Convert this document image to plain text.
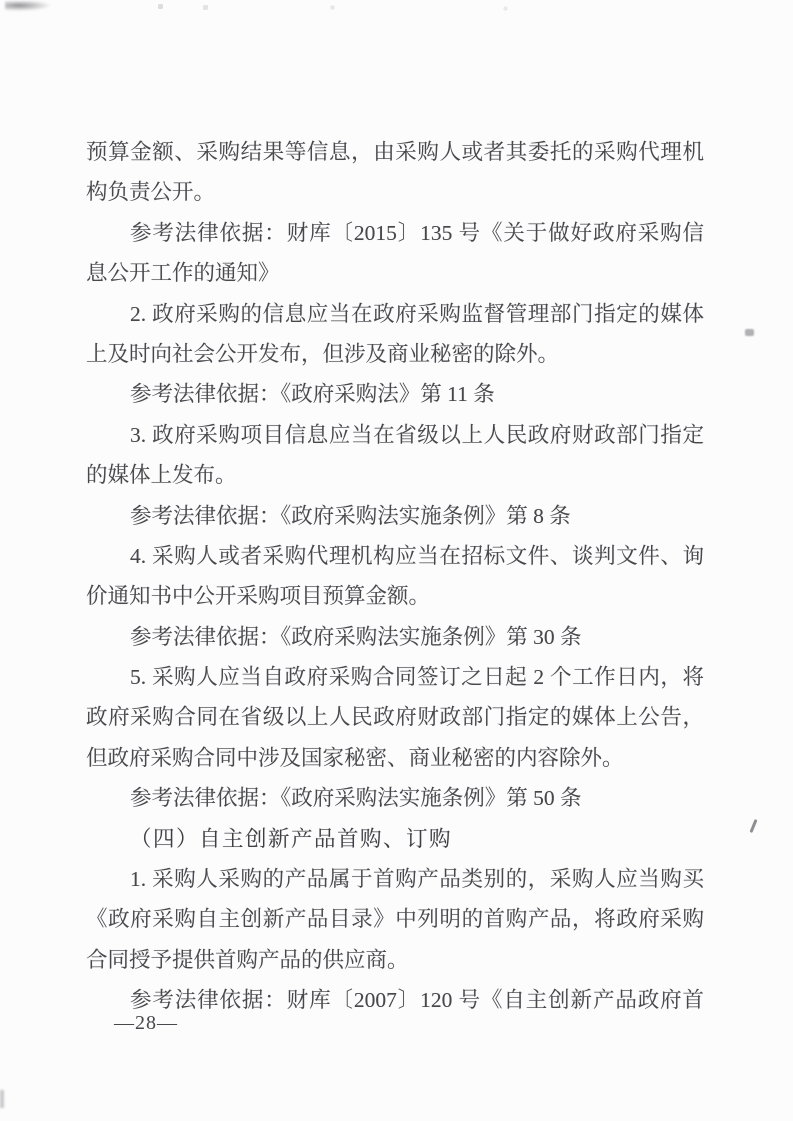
预算金额、采购结果等信息，由采购人或者其委托的采购代理机
构负责公开。
参考法律依据：财库〔2015〕135 号《关于做好政府采购信
息公开工作的通知》
2. 政府采购的信息应当在政府采购监督管理部门指定的媒体
上及时向社会公开发布，但涉及商业秘密的除外。
参考法律依据：《政府采购法》第 11 条
3. 政府采购项目信息应当在省级以上人民政府财政部门指定
的媒体上发布。
参考法律依据：《政府采购法实施条例》第 8 条
4. 采购人或者采购代理机构应当在招标文件、谈判文件、询
价通知书中公开采购项目预算金额。
参考法律依据：《政府采购法实施条例》第 30 条
5. 采购人应当自政府采购合同签订之日起 2 个工作日内，将
政府采购合同在省级以上人民政府财政部门指定的媒体上公告，
但政府采购合同中涉及国家秘密、商业秘密的内容除外。
参考法律依据：《政府采购法实施条例》第 50 条
（四）自主创新产品首购、订购
1. 采购人采购的产品属于首购产品类别的，采购人应当购买
《政府采购自主创新产品目录》中列明的首购产品，将政府采购
合同授予提供首购产品的供应商。
参考法律依据：财库〔2007〕120 号《自主创新产品政府首
—28—
